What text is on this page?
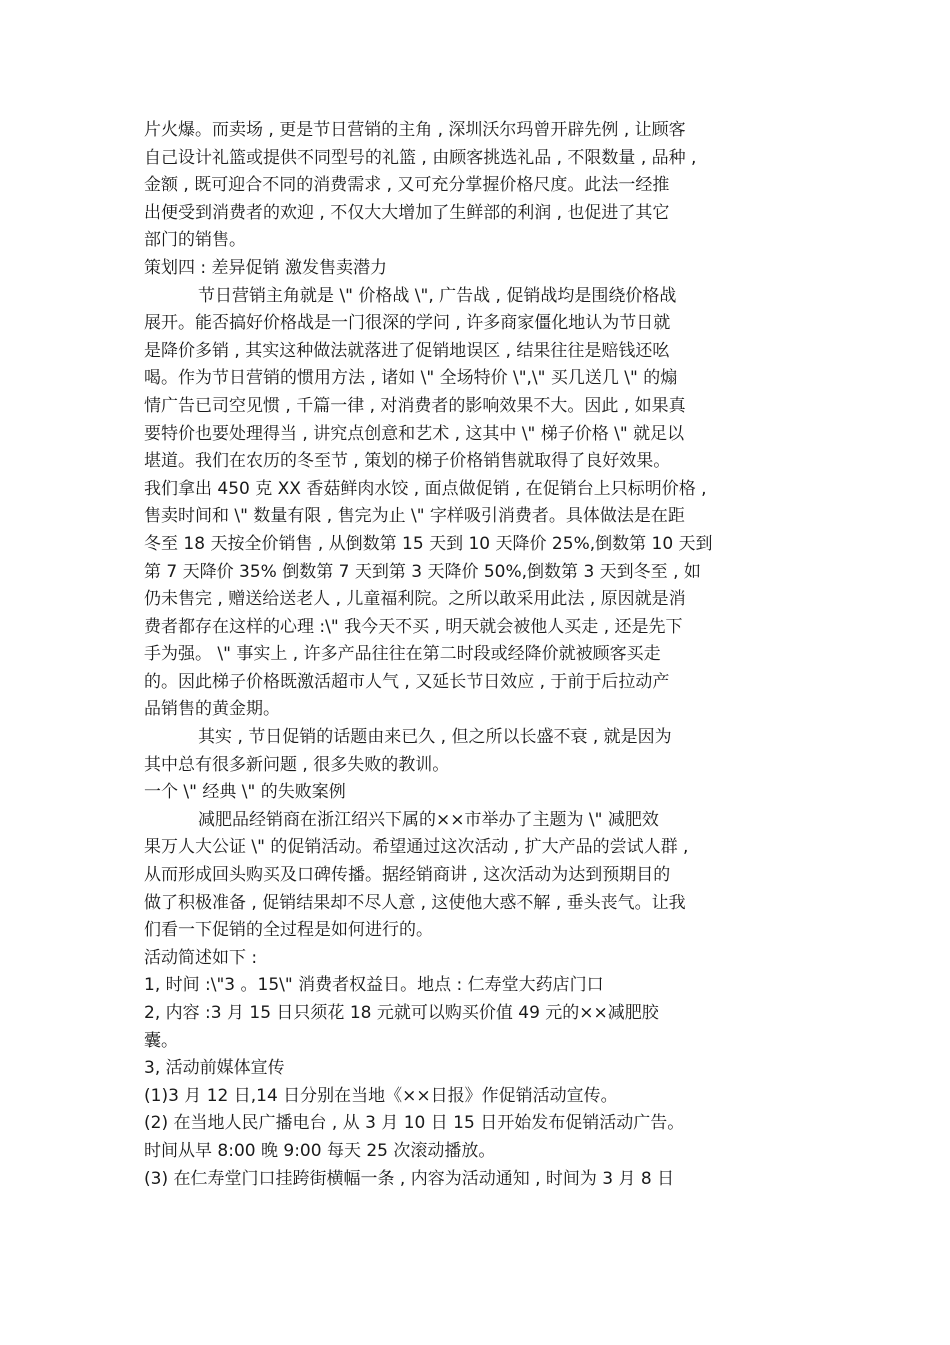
片火爆。而卖场 , 更是节日营销的主角 , 深圳沃尔玛曾开辟先例 , 让顾客
自己设计礼篮或提供不同型号的礼篮 , 由顾客挑选礼品 , 不限数量 , 品种 ,
金额 , 既可迎合不同的消费需求 , 又可充分掌握价格尺度。此法一经推
出便受到消费者的欢迎 , 不仅大大增加了生鲜部的利润 , 也促进了其它
部门的销售。
策划四 : 差异促销 激发售卖潜力
节日营销主角就是 \" 价格战 \", 广告战 , 促销战均是围绕价格战
展开。能否搞好价格战是一门很深的学问 , 许多商家僵化地认为节日就
是降价多销 , 其实这种做法就落进了促销地误区 , 结果往往是赔钱还吆
喝。作为节日营销的惯用方法 , 诸如 \" 全场特价 \",\" 买几送几 \" 的煽
情广告已司空见惯 , 千篇一律 , 对消费者的影响效果不大。因此 , 如果真
要特价也要处理得当 , 讲究点创意和艺术 , 这其中 \" 梯子价格 \" 就足以
堪道。我们在农历的冬至节 , 策划的梯子价格销售就取得了良好效果。
我们拿出 450 克 XX 香菇鲜肉水饺 , 面点做促销 , 在促销台上只标明价格 ,
售卖时间和 \" 数量有限 , 售完为止 \" 字样吸引消费者。具体做法是在距
冬至 18 天按全价销售 , 从倒数第 15 天到 10 天降价 25%,倒数第 10 天到
第 7 天降价 35% 倒数第 7 天到第 3 天降价 50%,倒数第 3 天到冬至 , 如
仍未售完 , 赠送给送老人 , 儿童福利院。之所以敢采用此法 , 原因就是消
费者都存在这样的心理 :\" 我今天不买 , 明天就会被他人买走 , 还是先下
手为强。 \" 事实上 , 许多产品往往在第二时段或经降价就被顾客买走
的。因此梯子价格既激活超市人气 , 又延长节日效应 , 于前于后拉动产
品销售的黄金期。
其实 , 节日促销的话题由来已久 , 但之所以长盛不衰 , 就是因为
其中总有很多新问题 , 很多失败的教训。
一个 \" 经典 \" 的失败案例
减肥品经销商在浙江绍兴下属的××市举办了主题为 \" 减肥效
果万人大公证 \" 的促销活动。希望通过这次活动 , 扩大产品的尝试人群 ,
从而形成回头购买及口碑传播。据经销商讲 , 这次活动为达到预期目的
做了积极准备 , 促销结果却不尽人意 , 这使他大惑不解 , 垂头丧气。让我
们看一下促销的全过程是如何进行的。
活动简述如下 :
1, 时间 :\"3 。15\" 消费者权益日。地点 : 仁寿堂大药店门口
2, 内容 :3 月 15 日只须花 18 元就可以购买价值 49 元的××减肥胶
囊。
3, 活动前媒体宣传
(1)3 月 12 日,14 日分别在当地《××日报》作促销活动宣传。
(2) 在当地人民广播电台 , 从 3 月 10 日 15 日开始发布促销活动广告。
时间从早 8:00 晚 9:00 每天 25 次滚动播放。
(3) 在仁寿堂门口挂跨街横幅一条 , 内容为活动通知 , 时间为 3 月 8 日
